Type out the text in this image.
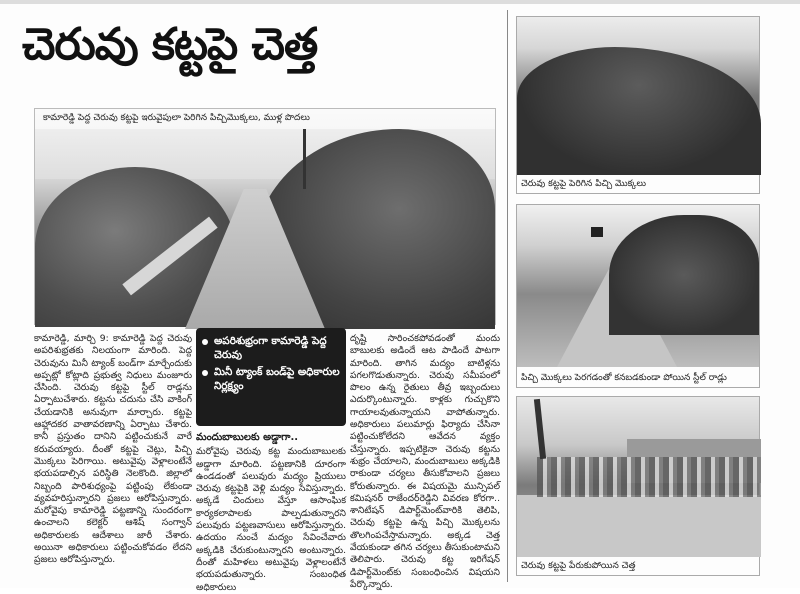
చెరువు కట్టపై చెత్త
కామారెడ్డి పెద్ద చెరువు కట్టపై ఇరువైపులా పెరిగిన పిచ్చిమొక్కలు, ముళ్ల పొదలు
చెరువు కట్టపై పెరిగిన పిచ్చి మొక్కలు
పిచ్చి మొక్కలు పెరగడంతో కనబడకుండా పోయిన స్టీల్ రాడ్లు
చెరువు కట్టపై పేరుకుపోయిన చెత్త
కామారెడ్డి, మార్చి 9: కామారెడ్డి పెద్ద చెరువు అపరిశుభ్రతకు నిలయంగా మారింది. పెద్ద చెరువును మినీ ట్యాంక్ బండ్‌గా మార్చేందుకు అప్పట్లో కోట్లాది ప్రభుత్వ నిధులు మంజూరు చేసింది. చెరువు కట్టపై స్టీల్ రాడ్లను ఏర్పాటుచేశారు. కట్టను చదును చేసి వాకింగ్ చేయడానికి అనువుగా మార్చారు. కట్టపై ఆహ్లాదకర వాతావరణాన్ని ఏర్పాటు చేశారు. కానీ ప్రస్తుతం దానిని పట్టించుకునే వారే కరువయ్యారు. దీంతో కట్టపై చెట్లు, పిచ్చి మొక్కలు పెరిగాయి. అటువైపు వెళ్లాలంటేనే భయపడాల్సిన పరిస్థితి నెలకొంది. జిల్లాలో నిబ్బంది పారిశుధ్యంపై పట్టింపు లేకుండా వ్యవహరిస్తున్నారని ప్రజలు ఆరోపిస్తున్నారు. మరోవైపు కామారెడ్డి పట్టణాన్ని సుందరంగా ఉంచాలని కలెక్టర్ ఆశిష్ సంగ్వాన్ అధికారులకు ఆదేశాలు జారీ చేశారు. అయినా అధికారులు పట్టించుకోవడం లేదని ప్రజలు ఆరోపిస్తున్నారు.
అపరిశుభ్రంగా కామారెడ్డి పెద్ద చెరువు
మినీ ట్యాంక్ బండ్‌పై అధికారుల నిర్లక్ష్యం
మందుబాబులకు అడ్డాగా..
మరోవైపు చెరువు కట్ట మందుబాబులకు అడ్డాగా మారింది. పట్టణానికి దూరంగా ఉండడంతో పలువురు మద్యం ప్రియులు చెరువు కట్టపైకి వెళ్లి మద్యం సేవిస్తున్నారు. అక్కడే చిందులు వేస్తూ ఆసాంఘిక కార్యకలాపాలకు పాల్పడుతున్నారని పలువురు పట్టణవాసులు ఆరోపిస్తున్నారు. ఉదయం నుంచే మద్యం సేవించేవారు అక్కడికి చేరుకుంటున్నారని అంటున్నారు. దీంతో మహిళలు అటువైపు వెళ్లాలంటేనే భయపడుతున్నారు. సంబంధిత అధికారులు
దృష్టి సారించకపోవడంతో మందు బాబులకు అడిందే ఆట పాడిందే పాటగా మారింది. తాగిన మద్యం బాటిళ్లను పగలగొడుతున్నారు. చెరువు సమీపంలో పొలం ఉన్న రైతులు తీవ్ర ఇబ్బందులు ఎదుర్కొంటున్నారు. కాళ్లకు గుచ్చుకొని గాయాలవుతున్నాయని వాపోతున్నారు. అధికారులు పలుమార్లు ఫిర్యాదు చేసినా పట్టించుకోలేదని ఆవేదన వ్యక్తం చేస్తున్నారు. ఇప్పటికైనా చెరువు కట్టను శుభ్రం చేయాలని, మందుబాబులు అక్కడికి రాకుండా చర్యలు తీసుకోవాలని ప్రజలు కోరుతున్నారు. ఈ విషయమై మున్సిపల్ కమిషనర్ రాజేందర్‌రెడ్డిని వివరణ కోరగా.. శానిటేషన్ డిపార్ట్‌మెంట్‌వారికి తెలిపి, చెరువు కట్టపై ఉన్న పిచ్చి మొక్కలను తొలగింపచేస్తామన్నారు. అక్కడ చెత్త వేయకుండా తగిన చర్యలు తీసుకుంటామని తెలిపారు. చెరువు కట్ట ఇరిగేషన్ డిపార్ట్‌మెంట్‌కు సంబంధించిన విషయని పేర్కొన్నారు.
